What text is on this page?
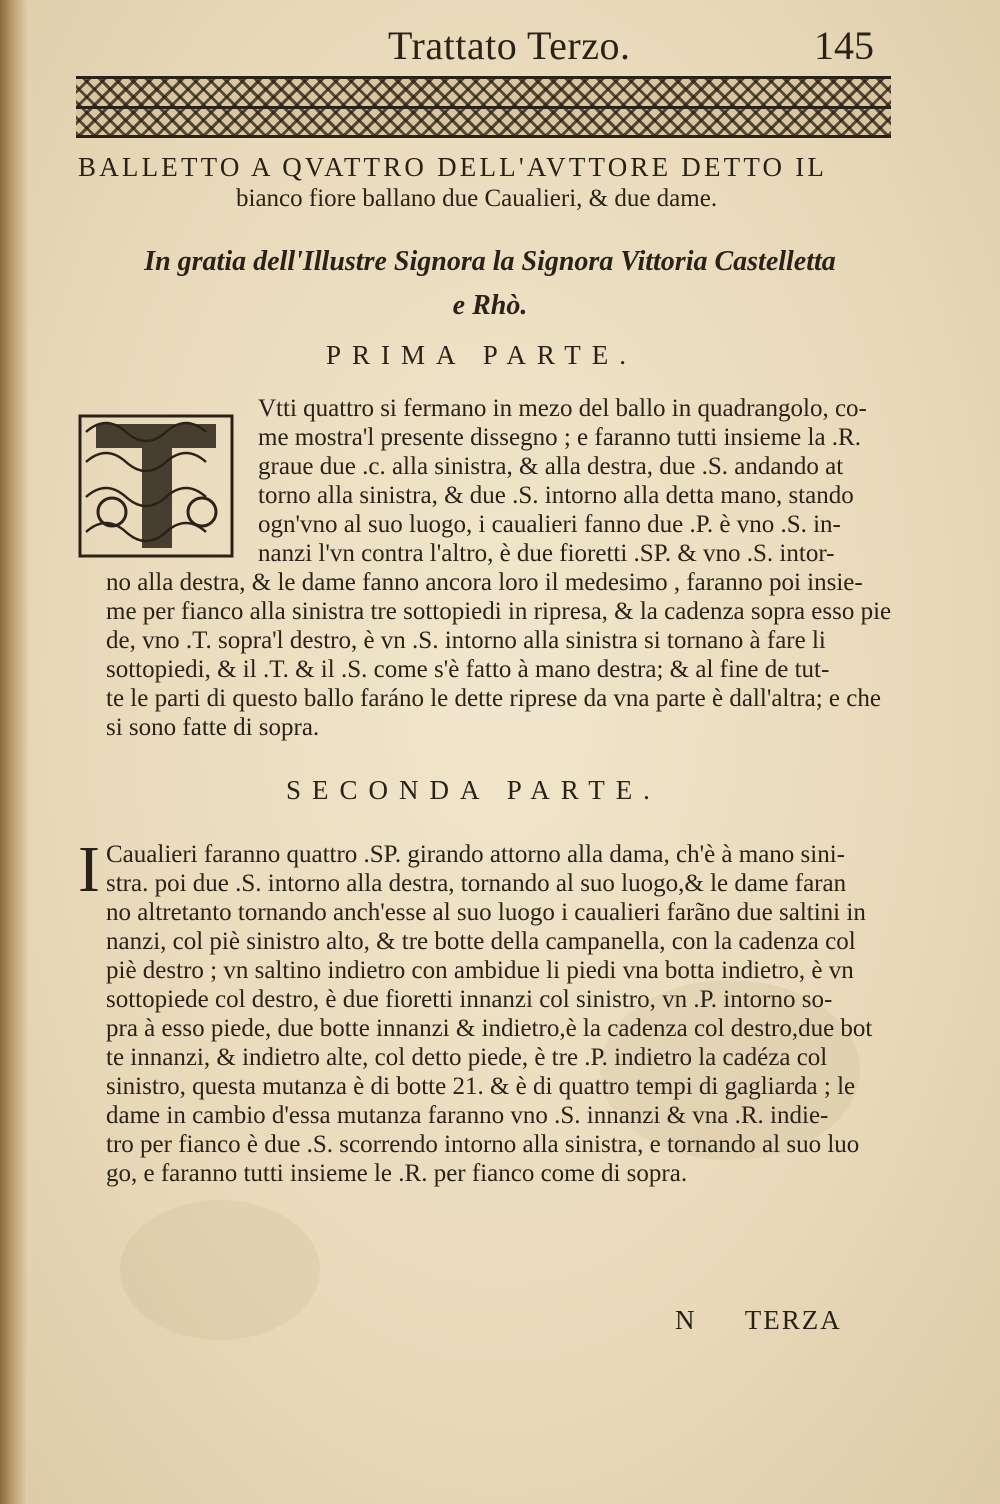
Trattato Terzo.	145

BALLETTO A QVATTRO DELL'AVTTORE DETTO IL

bianco fiore ballano due Caualieri, & due dame.

In gratia dell'Illustre Signora la Signora Vittoria Castelletta
e Rhò.
PRIMA PARTE.
Vtti quattro si fermano in mezo del ballo in quadrangolo, co-
me mostra'l presente dissegno ; e faranno tutti insieme la .R.
graue due .c. alla sinistra, & alla destra, due .S. andando at
torno alla sinistra, & due .S. intorno alla detta mano, stando
ogn'vno al suo luogo, i caualieri fanno due .P. è vno .S. in-
nanzi l'vn contra l'altro, è due fioretti .SP. & vno .S. intor-
no alla destra, & le dame fanno ancora loro il medesimo , faranno poi insie-
me per fianco alla sinistra tre sottopiedi in ripresa, & la cadenza sopra esso pie
de, vno .T. sopra'l destro, è vn .S. intorno alla sinistra si tornano à fare li
sottopiedi, & il .T. & il .S. come s'è fatto à mano destra; & al fine de tut-
te le parti di questo ballo faráno le dette riprese da vna parte è dall'altra; e che
si sono fatte di sopra.
SECONDA PARTE.
I Caualieri faranno quattro .SP. girando attorno alla dama, ch'è à mano sini-
stra. poi due .S. intorno alla destra, tornando al suo luogo,& le dame faran
no altretanto tornando anch'esse al suo luogo i caualieri farãno due saltini in
nanzi, col piè sinistro alto, & tre botte della campanella, con la cadenza col
piè destro ; vn saltino indietro con ambidue li piedi vna botta indietro, è vn
sottopiede col destro, è due fioretti innanzi col sinistro, vn .P. intorno so-
pra à esso piede, due botte innanzi & indietro,è la cadenza col destro,due bot
te innanzi, & indietro alte, col detto piede, è tre .P. indietro la cadéza col
sinistro, questa mutanza è di botte 21. & è di quattro tempi di gagliarda ; le
dame in cambio d'essa mutanza faranno vno .S. innanzi & vna .R. indie-
tro per fianco è due .S. scorrendo intorno alla sinistra, e tornando al suo luo
go, e faranno tutti insieme le .R. per fianco come di sopra.
N TERZA
